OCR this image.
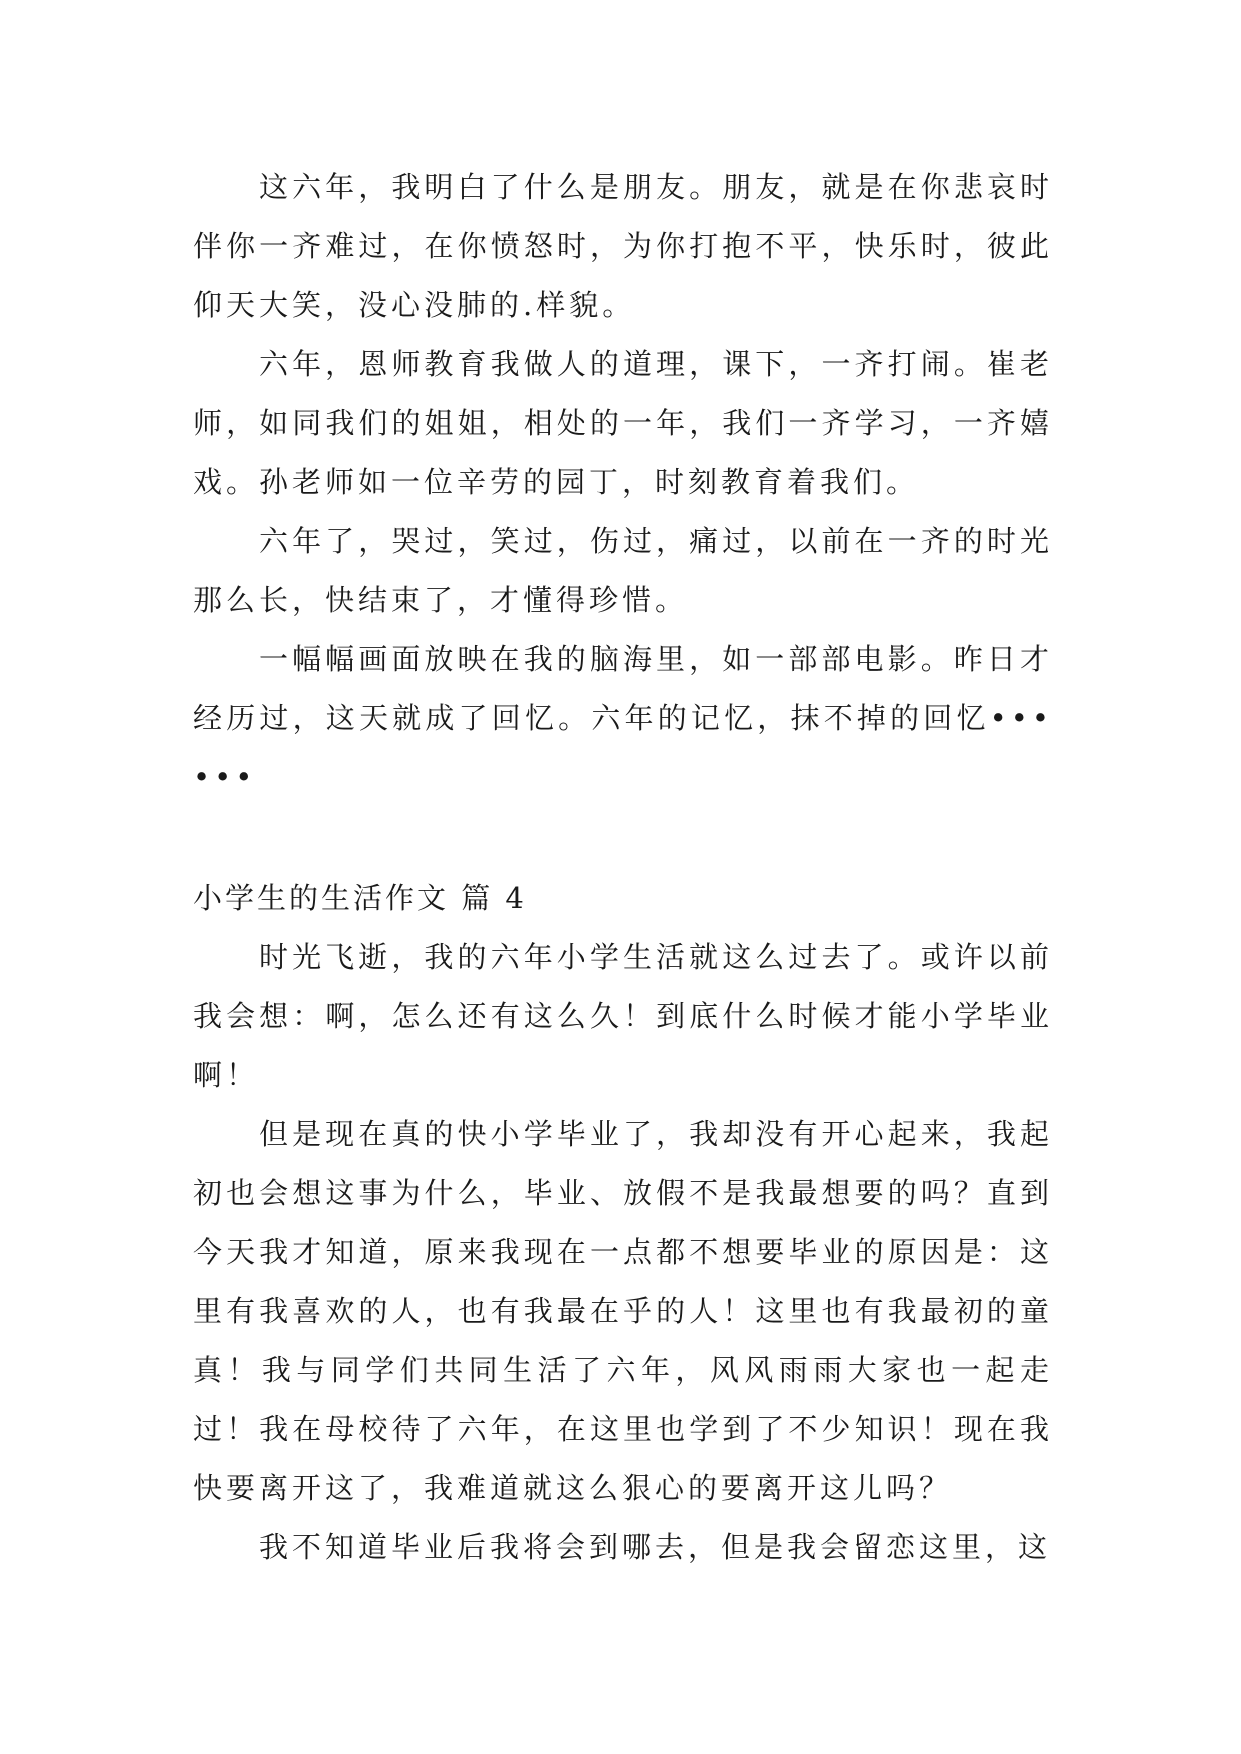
这六年，我明白了什么是朋友。朋友，就是在你悲哀时伴你一齐难过，在你愤怒时，为你打抱不平，快乐时，彼此仰天大笑，没心没肺的.样貌。

六年，恩师教育我做人的道理，课下，一齐打闹。崔老师，如同我们的姐姐，相处的一年，我们一齐学习，一齐嬉戏。孙老师如一位辛劳的园丁，时刻教育着我们。

六年了，哭过，笑过，伤过，痛过，以前在一齐的时光那么长，快结束了，才懂得珍惜。

一幅幅画面放映在我的脑海里，如一部部电影。昨日才经历过，这天就成了回忆。六年的记忆，抹不掉的回忆••••••

小学生的生活作文 篇 4

时光飞逝，我的六年小学生活就这么过去了。或许以前我会想：啊，怎么还有这么久！到底什么时候才能小学毕业啊！

但是现在真的快小学毕业了，我却没有开心起来，我起初也会想这事为什么，毕业、放假不是我最想要的吗？直到今天我才知道，原来我现在一点都不想要毕业的原因是：这里有我喜欢的人，也有我最在乎的人！这里也有我最初的童真！我与同学们共同生活了六年，风风雨雨大家也一起走过！我在母校待了六年，在这里也学到了不少知识！现在我快要离开这了，我难道就这么狠心的要离开这儿吗？

我不知道毕业后我将会到哪去，但是我会留恋这里，这
